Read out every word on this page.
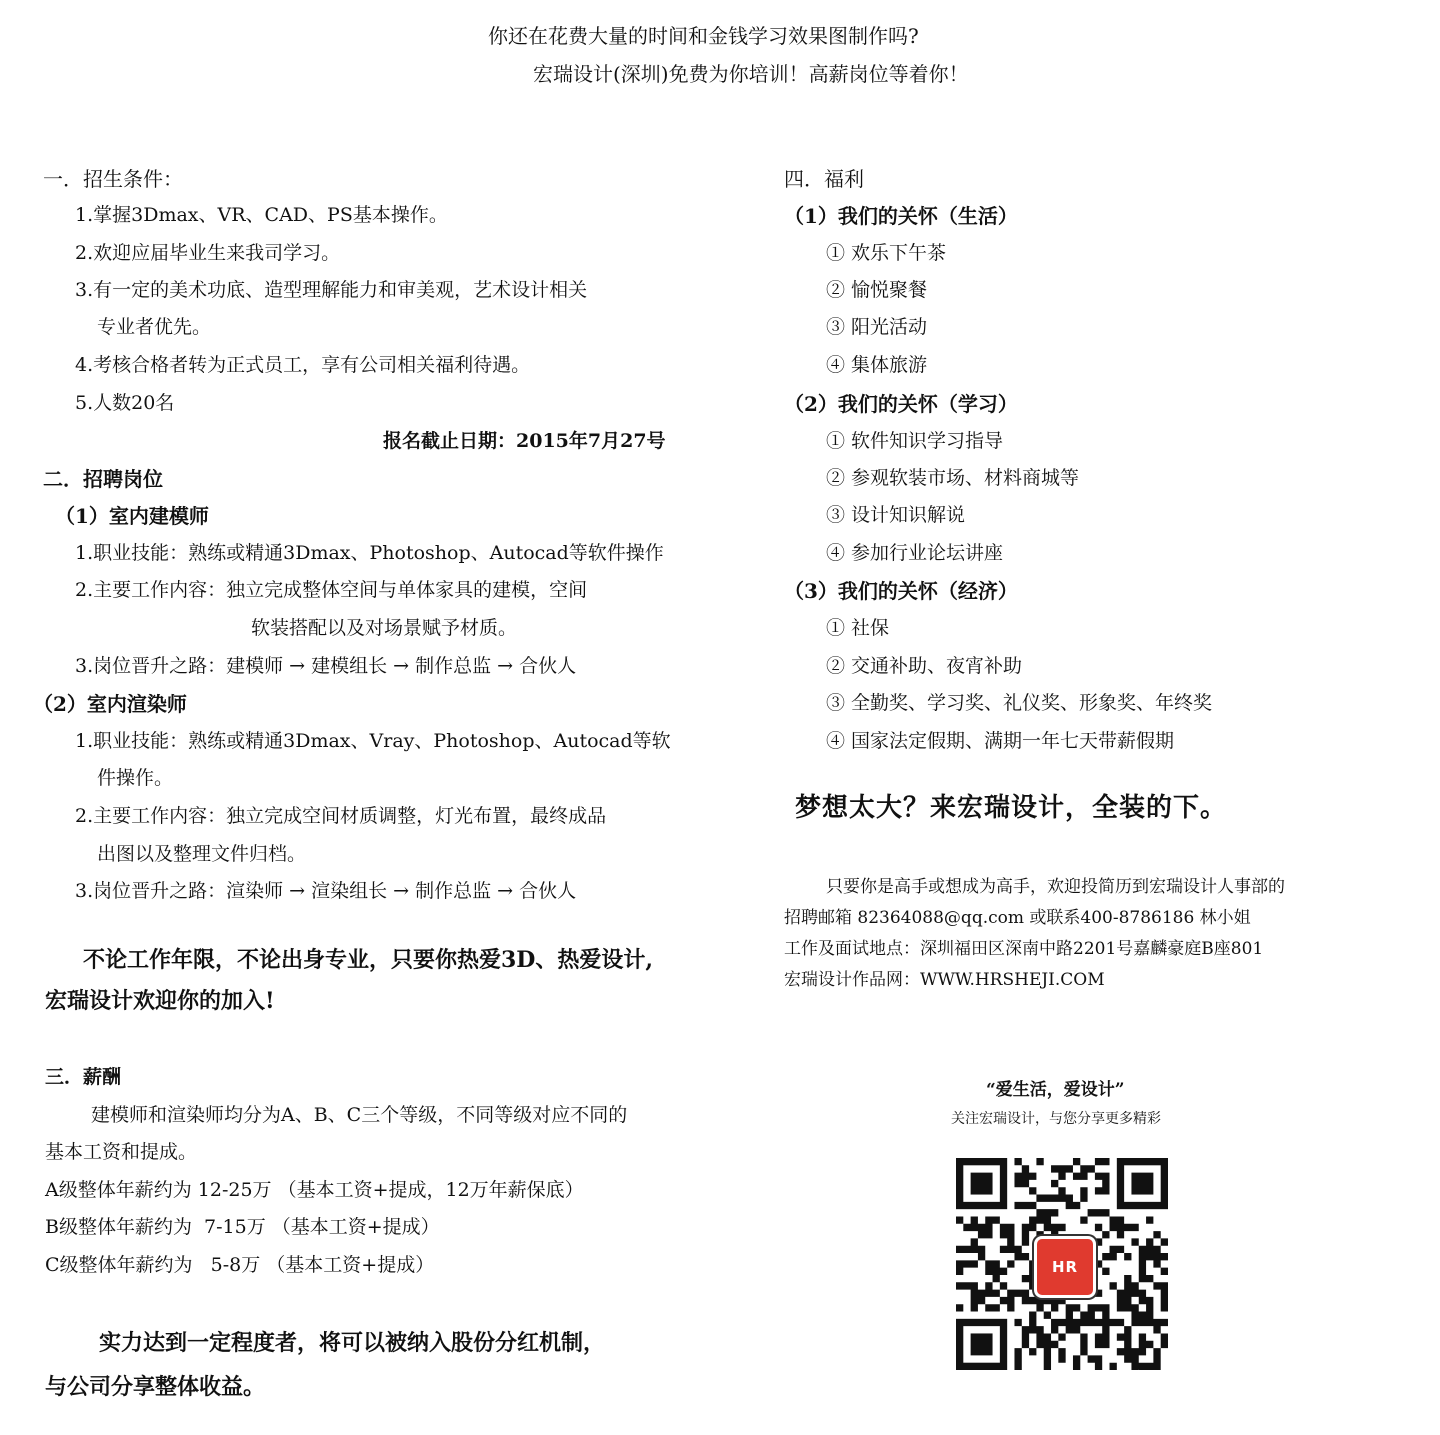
你还在花费大量的时间和金钱学习效果图制作吗?
宏瑞设计(深圳)免费为你培训！高薪岗位等着你！
一．招生条件：
1.掌握3Dmax、VR、CAD、PS基本操作。
2.欢迎应届毕业生来我司学习。
3.有一定的美术功底、造型理解能力和审美观，艺术设计相关
专业者优先。
4.考核合格者转为正式员工，享有公司相关福利待遇。
5.人数20名
报名截止日期：2015年7月27号
二．招聘岗位
（1）室内建模师
1.职业技能：熟练或精通3Dmax、Photoshop、Autocad等软件操作
2.主要工作内容：独立完成整体空间与单体家具的建模，空间
软装搭配以及对场景赋予材质。
3.岗位晋升之路：建模师 → 建模组长 → 制作总监 → 合伙人
（2）室内渲染师
1.职业技能：熟练或精通3Dmax、Vray、Photoshop、Autocad等软
件操作。
2.主要工作内容：独立完成空间材质调整，灯光布置，最终成品
出图以及整理文件归档。
3.岗位晋升之路：渲染师 → 渲染组长 → 制作总监 → 合伙人
不论工作年限，不论出身专业，只要你热爱3D、热爱设计,
宏瑞设计欢迎你的加入!
三．薪酬
建模师和渲染师均分为A、B、C三个等级，不同等级对应不同的
基本工资和提成。
A级整体年薪约为 12-25万 （基本工资+提成，12万年薪保底）
B级整体年薪约为  7-15万 （基本工资+提成）
C级整体年薪约为   5-8万 （基本工资+提成）
实力达到一定程度者，将可以被纳入股份分红机制，
与公司分享整体收益。
四．福利
（1）我们的关怀（生活）
① 欢乐下午茶
② 愉悦聚餐
③ 阳光活动
④ 集体旅游
（2）我们的关怀（学习）
① 软件知识学习指导
② 参观软装市场、材料商城等
③ 设计知识解说
④ 参加行业论坛讲座
（3）我们的关怀（经济）
① 社保
② 交通补助、夜宵补助
③ 全勤奖、学习奖、礼仪奖、形象奖、年终奖
④ 国家法定假期、满期一年七天带薪假期
梦想太大？来宏瑞设计，全装的下。
只要你是高手或想成为高手，欢迎投简历到宏瑞设计人事部的
招聘邮箱 82364088@qq.com 或联系400-8786186 林小姐
工作及面试地点：深圳福田区深南中路2201号嘉麟豪庭B座801
宏瑞设计作品网：WWW.HRSHEJI.COM
“爱生活，爱设计”
关注宏瑞设计，与您分享更多精彩
HR
